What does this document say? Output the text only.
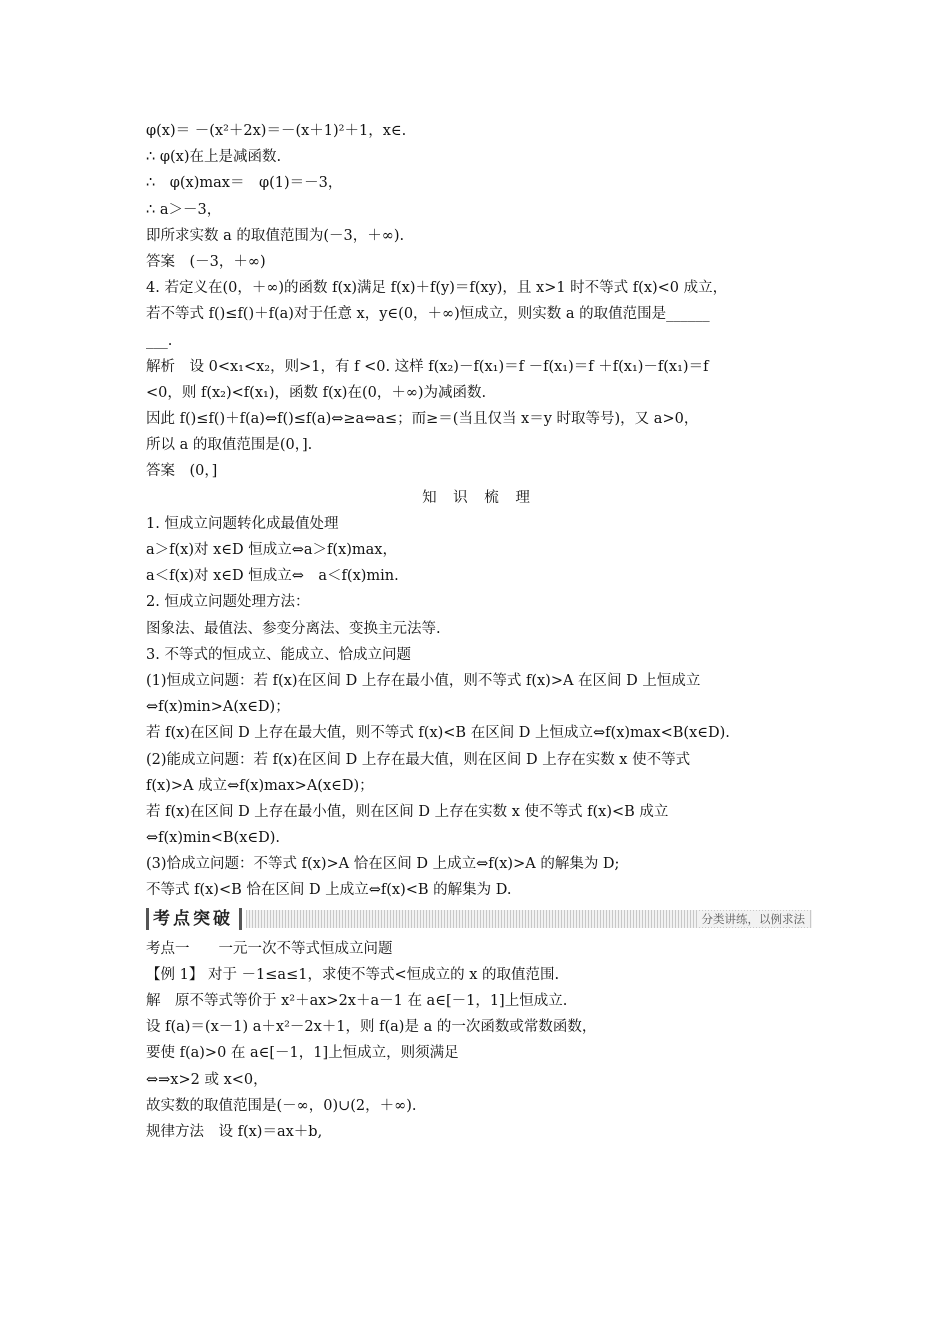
φ(x)＝ －(x²＋2x)＝－(x＋1)²＋1，x∈.
∴ φ(x)在上是减函数.
∴　φ(x)max＝　φ(1)＝－3，
∴ a＞－3，
即所求实数 a 的取值范围为(－3，＋∞).
答案　(－3，＋∞)
4. 若定义在(0，＋∞)的函数 f(x)满足 f(x)＋f(y)＝f(xy)，且 x>1 时不等式 f(x)<0 成立，
若不等式 f()≤f()＋f(a)对于任意 x，y∈(0，＋∞)恒成立，则实数 a 的取值范围是______
___.
解析　设 0<x₁<x₂，则>1，有 f <0. 这样 f(x₂)－f(x₁)＝f －f(x₁)＝f ＋f(x₁)－f(x₁)＝f
<0，则 f(x₂)<f(x₁)，函数 f(x)在(0，＋∞)为减函数.
因此 f()≤f()＋f(a)⇔f()≤f(a)⇔≥a⇔a≤；而≥＝(当且仅当 x＝y 时取等号)，又 a>0，
所以 a 的取值范围是(0，].
答案　(0，]
知 识 梳 理
1. 恒成立问题转化成最值处理
a＞f(x)对 x∈D 恒成立⇔a＞f(x)max，
a＜f(x)对 x∈D 恒成立⇔　a＜f(x)min.
2. 恒成立问题处理方法：
图象法、最值法、参变分离法、变换主元法等.
3. 不等式的恒成立、能成立、恰成立问题
(1)恒成立问题：若 f(x)在区间 D 上存在最小值，则不等式 f(x)>A 在区间 D 上恒成立
⇔f(x)min>A(x∈D)；
若 f(x)在区间 D 上存在最大值，则不等式 f(x)<B 在区间 D 上恒成立⇔f(x)max<B(x∈D).
(2)能成立问题：若 f(x)在区间 D 上存在最大值，则在区间 D 上存在实数 x 使不等式
f(x)>A 成立⇔f(x)max>A(x∈D)；
若 f(x)在区间 D 上存在最小值，则在区间 D 上存在实数 x 使不等式 f(x)<B 成立
⇔f(x)min<B(x∈D).
(3)恰成立问题：不等式 f(x)>A 恰在区间 D 上成立⇔f(x)>A 的解集为 D;
不等式 f(x)<B 恰在区间 D 上成立⇔f(x)<B 的解集为 D.
考点突破	分类讲练，以例求法
考点一　　一元一次不等式恒成立问题
【例 1】 对于 －1≤a≤1，求使不等式<恒成立的 x 的取值范围.
解　原不等式等价于 x²＋ax>2x＋a－1 在 a∈[－1，1]上恒成立.
设 f(a)＝(x－1) a＋x²－2x＋1，则 f(a)是 a 的一次函数或常数函数，
要使 f(a)>0 在 a∈[－1，1]上恒成立，则须满足
⇔⇒x>2 或 x<0，
故实数的取值范围是(－∞，0)∪(2，＋∞).
规律方法　设 f(x)＝ax＋b,
